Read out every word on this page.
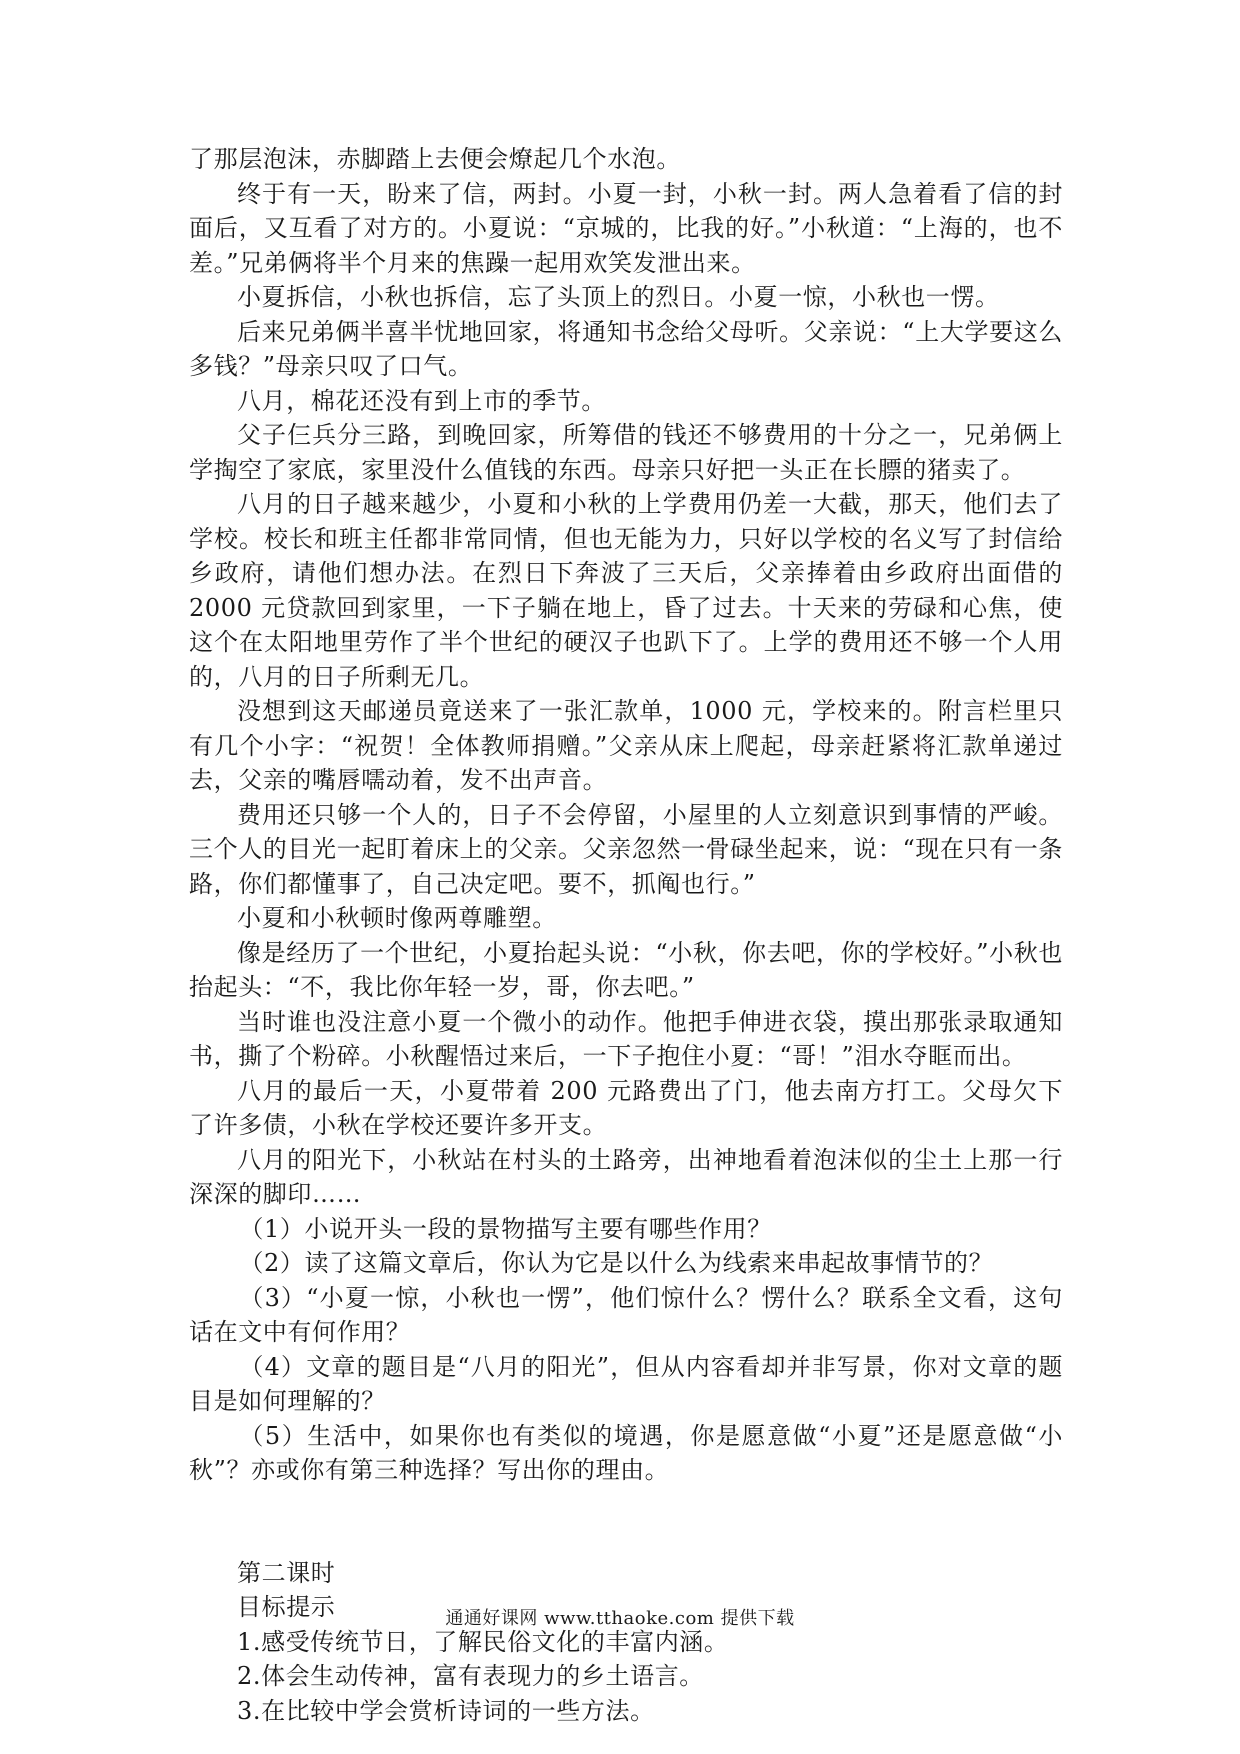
了那层泡沫，赤脚踏上去便会燎起几个水泡。

终于有一天，盼来了信，两封。小夏一封，小秋一封。两人急着看了信的封面后，又互看了对方的。小夏说：“京城的，比我的好。”小秋道：“上海的，也不差。”兄弟俩将半个月来的焦躁一起用欢笑发泄出来。

小夏拆信，小秋也拆信，忘了头顶上的烈日。小夏一惊，小秋也一愣。

后来兄弟俩半喜半忧地回家，将通知书念给父母听。父亲说：“上大学要这么多钱？”母亲只叹了口气。

八月，棉花还没有到上市的季节。

父子仨兵分三路，到晚回家，所筹借的钱还不够费用的十分之一，兄弟俩上学掏空了家底，家里没什么值钱的东西。母亲只好把一头正在长膘的猪卖了。

八月的日子越来越少，小夏和小秋的上学费用仍差一大截，那天，他们去了学校。校长和班主任都非常同情，但也无能为力，只好以学校的名义写了封信给乡政府，请他们想办法。在烈日下奔波了三天后，父亲捧着由乡政府出面借的 2000 元贷款回到家里，一下子躺在地上，昏了过去。十天来的劳碌和心焦，使这个在太阳地里劳作了半个世纪的硬汉子也趴下了。上学的费用还不够一个人用的，八月的日子所剩无几。

没想到这天邮递员竟送来了一张汇款单，1000 元，学校来的。附言栏里只有几个小字：“祝贺！全体教师捐赠。”父亲从床上爬起，母亲赶紧将汇款单递过去，父亲的嘴唇嚅动着，发不出声音。

费用还只够一个人的，日子不会停留，小屋里的人立刻意识到事情的严峻。三个人的目光一起盯着床上的父亲。父亲忽然一骨碌坐起来，说：“现在只有一条路，你们都懂事了，自己决定吧。要不，抓阄也行。”

小夏和小秋顿时像两尊雕塑。

像是经历了一个世纪，小夏抬起头说：“小秋，你去吧，你的学校好。”小秋也抬起头：“不，我比你年轻一岁，哥，你去吧。”

当时谁也没注意小夏一个微小的动作。他把手伸进衣袋，摸出那张录取通知书，撕了个粉碎。小秋醒悟过来后，一下子抱住小夏：“哥！”泪水夺眶而出。

八月的最后一天，小夏带着 200 元路费出了门，他去南方打工。父母欠下了许多债，小秋在学校还要许多开支。

八月的阳光下，小秋站在村头的土路旁，出神地看着泡沫似的尘土上那一行深深的脚印……

（1）小说开头一段的景物描写主要有哪些作用？

（2）读了这篇文章后，你认为它是以什么为线索来串起故事情节的？

（3）“小夏一惊，小秋也一愣”，他们惊什么？愣什么？联系全文看，这句话在文中有何作用？

（4）文章的题目是“八月的阳光”，但从内容看却并非写景，你对文章的题目是如何理解的？

（5）生活中，如果你也有类似的境遇，你是愿意做“小夏”还是愿意做“小秋”？亦或你有第三种选择？写出你的理由。

第二课时

目标提示

1.感受传统节日，了解民俗文化的丰富内涵。

2.体会生动传神，富有表现力的乡土语言。

3.在比较中学会赏析诗词的一些方法。

通通好课网 www.tthaoke.com 提供下载
